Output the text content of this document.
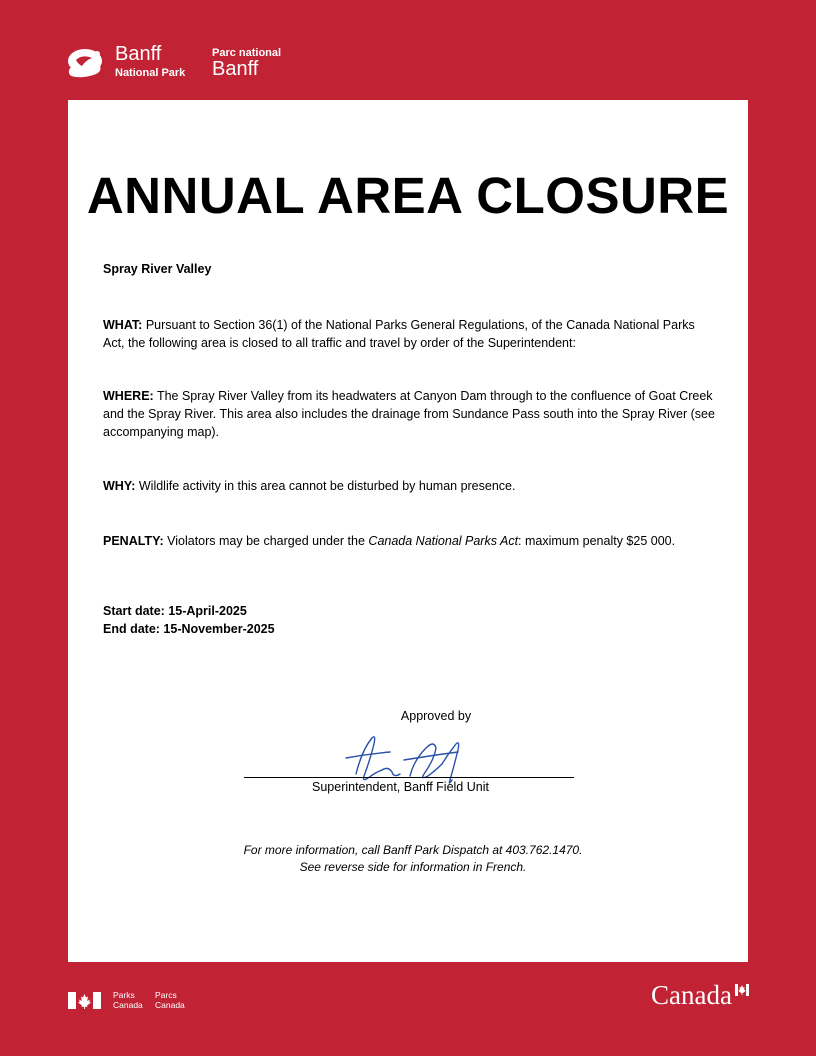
Banff
National Park
Parc national
Banff
ANNUAL AREA CLOSURE
Spray River Valley
WHAT: Pursuant to Section 36(1) of the National Parks General Regulations, of the Canada National Parks Act, the following area is closed to all traffic and travel by order of the Superintendent:
WHERE: The Spray River Valley from its headwaters at Canyon Dam through to the confluence of Goat Creek and the Spray River. This area also includes the drainage from Sundance Pass south into the Spray River (see accompanying map).
WHY: Wildlife activity in this area cannot be disturbed by human presence.
PENALTY: Violators may be charged under the Canada National Parks Act: maximum penalty $25 000.
Start date: 15-April-2025
End date: 15-November-2025
Approved by
Superintendent, Banff Field Unit
For more information, call Banff Park Dispatch at 403.762.1470.
See reverse side for information in French.
Parks
Canada
Parcs
Canada	Canada
